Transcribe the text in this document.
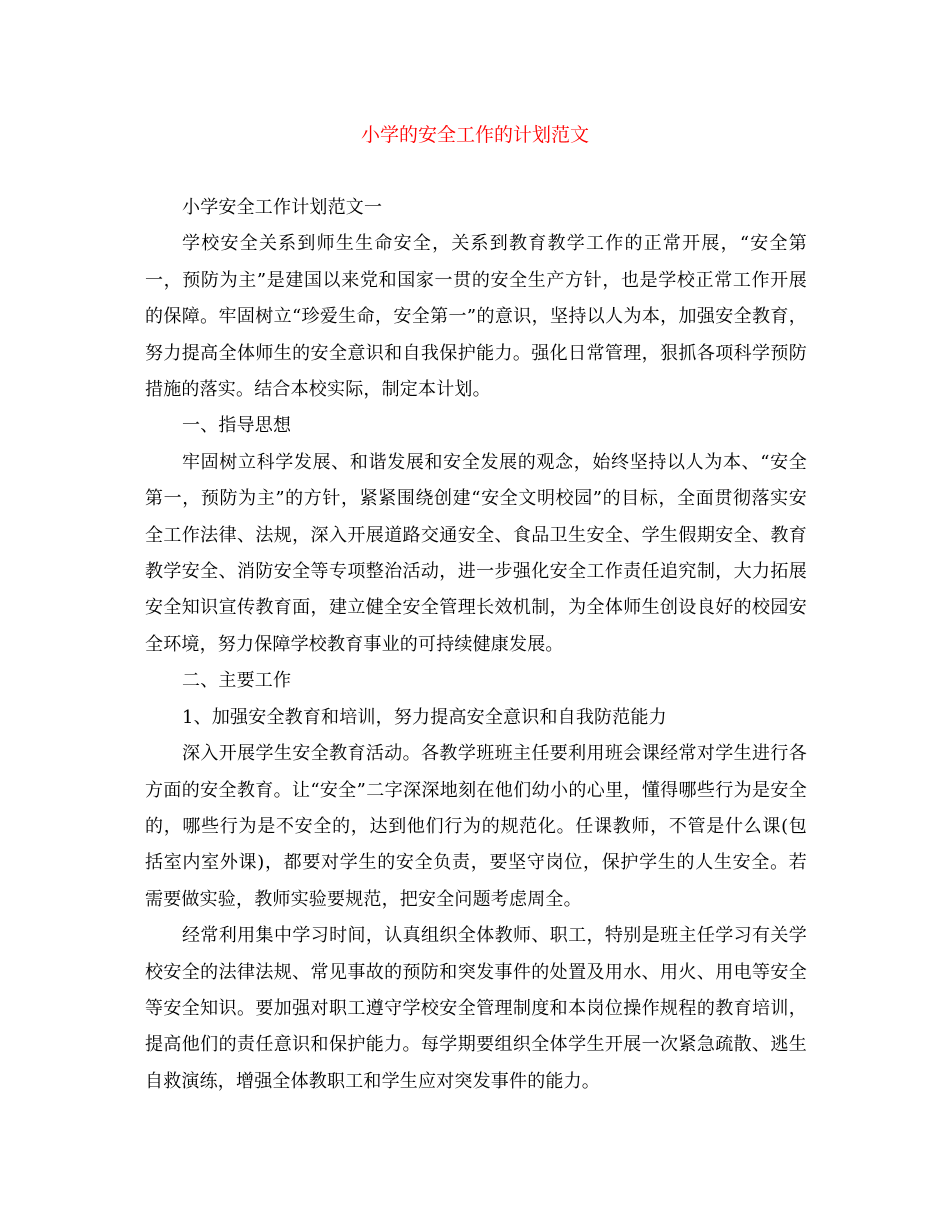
小学的安全工作的计划范文

小学安全工作计划范文一

学校安全关系到师生生命安全，关系到教育教学工作的正常开展，“安全第一，预防为主”是建国以来党和国家一贯的安全生产方针，也是学校正常工作开展的保障。牢固树立“珍爱生命，安全第一”的意识，坚持以人为本，加强安全教育，努力提高全体师生的安全意识和自我保护能力。强化日常管理，狠抓各项科学预防措施的落实。结合本校实际，制定本计划。

一、指导思想

牢固树立科学发展、和谐发展和安全发展的观念，始终坚持以人为本、“安全第一，预防为主”的方针，紧紧围绕创建“安全文明校园”的目标，全面贯彻落实安全工作法律、法规，深入开展道路交通安全、食品卫生安全、学生假期安全、教育教学安全、消防安全等专项整治活动，进一步强化安全工作责任追究制，大力拓展安全知识宣传教育面，建立健全安全管理长效机制，为全体师生创设良好的校园安全环境，努力保障学校教育事业的可持续健康发展。

二、主要工作

1、加强安全教育和培训，努力提高安全意识和自我防范能力

深入开展学生安全教育活动。各教学班班主任要利用班会课经常对学生进行各方面的安全教育。让“安全”二字深深地刻在他们幼小的心里，懂得哪些行为是安全的，哪些行为是不安全的，达到他们行为的规范化。任课教师，不管是什么课(包括室内室外课)，都要对学生的安全负责，要坚守岗位，保护学生的人生安全。若需要做实验，教师实验要规范，把安全问题考虑周全。

经常利用集中学习时间，认真组织全体教师、职工，特别是班主任学习有关学校安全的法律法规、常见事故的预防和突发事件的处置及用水、用火、用电等安全等安全知识。要加强对职工遵守学校安全管理制度和本岗位操作规程的教育培训，提高他们的责任意识和保护能力。每学期要组织全体学生开展一次紧急疏散、逃生自救演练，增强全体教职工和学生应对突发事件的能力。
